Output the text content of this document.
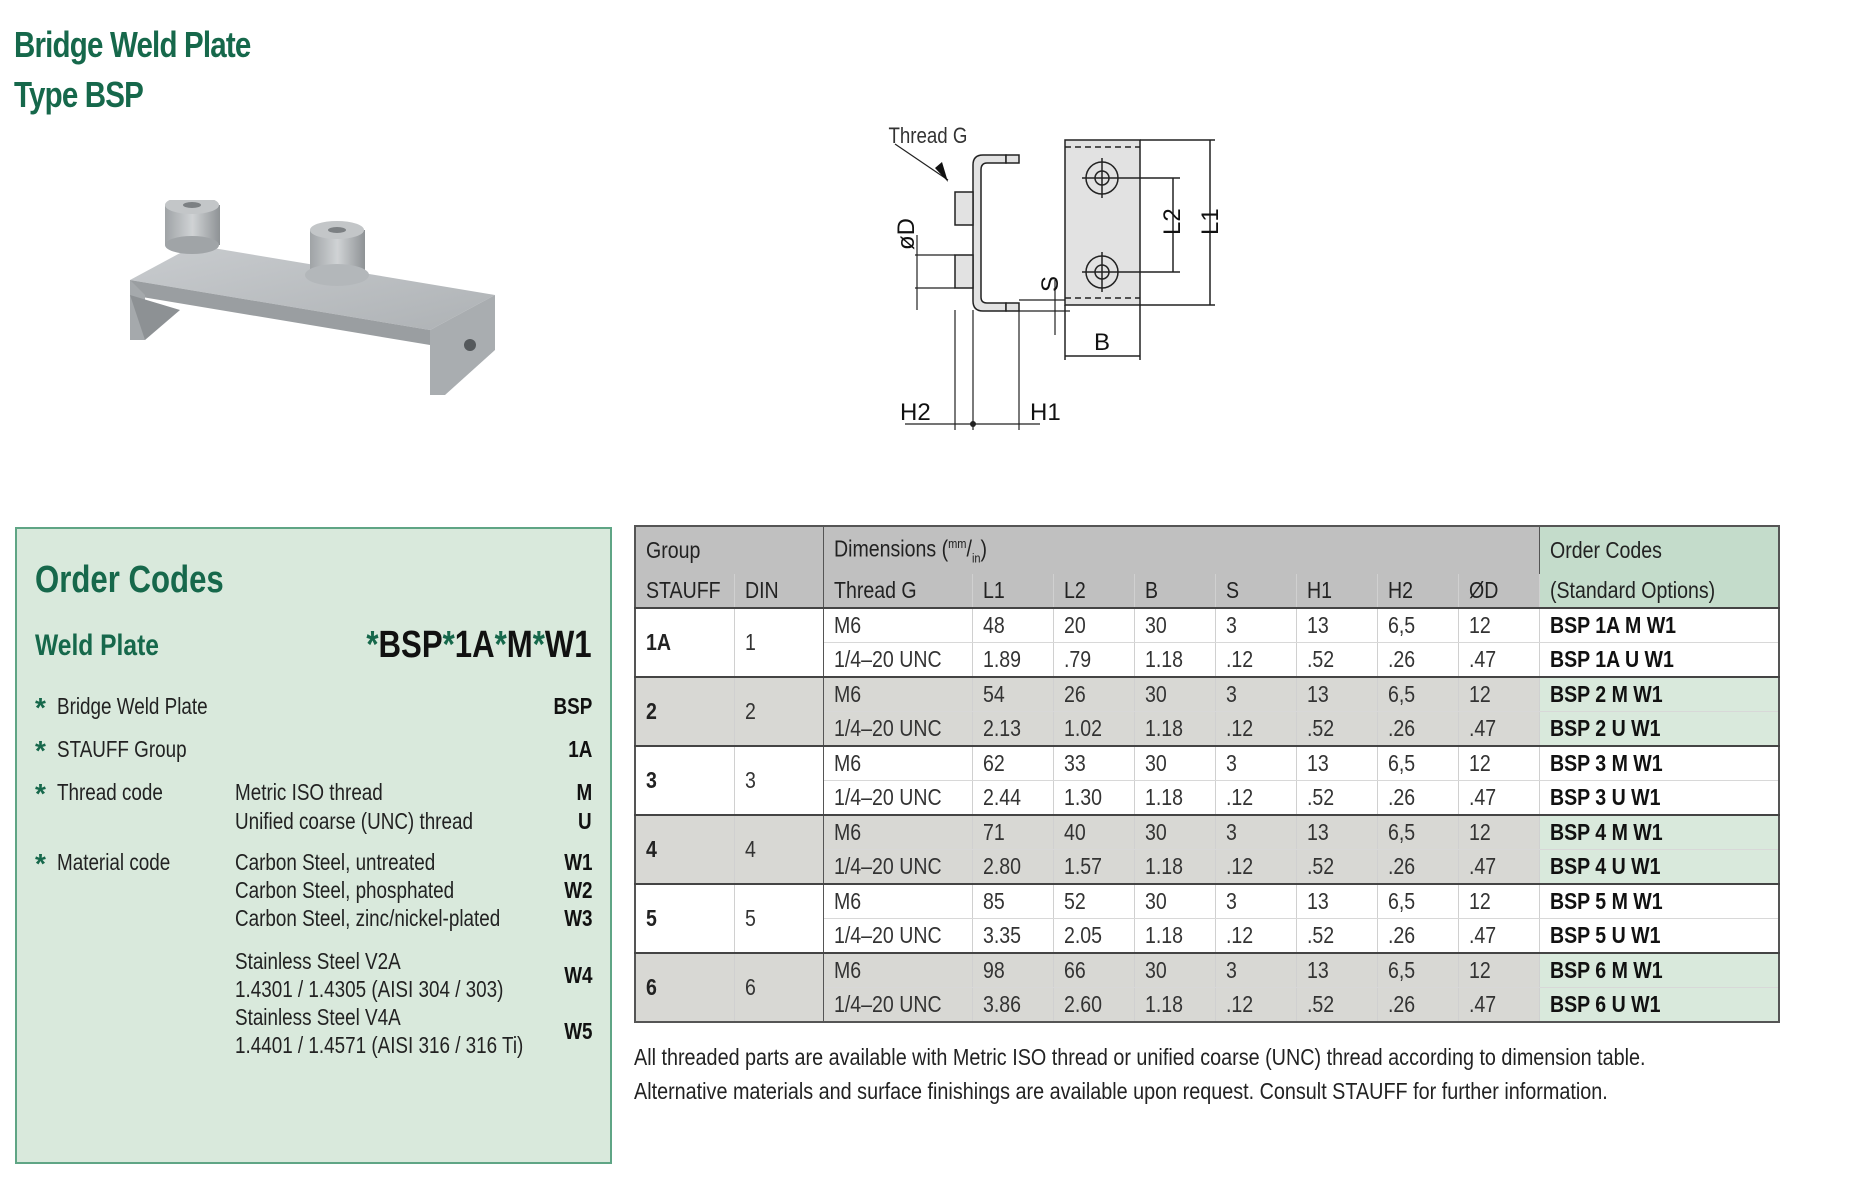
Bridge Weld Plate
Type BSP
Thread G
øD
H2	H1
S
L2 L1
B
Order Codes
Weld Plate	*BSP*1A*M*W1
* Bridge Weld Plate	BSP
* STAUFF Group	1A
* Thread code	Metric ISO thread	M
Unified coarse (UNC) thread	U
* Material code	Carbon Steel, untreated	W1
Carbon Steel, phosphated	W2
Carbon Steel, zinc/nickel-plated	W3
Stainless Steel V2A
1.4301 / 1.4305 (AISI 304 / 303)
W4
Stainless Steel V4A
1.4401 / 1.4571 (AISI 316 / 316 Ti)
W5
Group		Dimensions $(^{mm}/_{in})$								Order Codes
STAUFF	DIN	Thread G	L1	L2	B	S	H1	H2	ØD	(Standard Options)
1A	1	M6	48	20	30	3	13	6,5	12	BSP 1A M W1
		1/4–20 UNC	1.89	.79	1.18	.12	.52	.26	.47	BSP 1A U W1
2	2	M6	54	26	30	3	13	6,5	12	BSP 2 M W1
		1/4–20 UNC	2.13	1.02	1.18	.12	.52	.26	.47	BSP 2 U W1
3	3	M6	62	33	30	3	13	6,5	12	BSP 3 M W1
		1/4–20 UNC	2.44	1.30	1.18	.12	.52	.26	.47	BSP 3 U W1
4	4	M6	71	40	30	3	13	6,5	12	BSP 4 M W1
		1/4–20 UNC	2.80	1.57	1.18	.12	.52	.26	.47	BSP 4 U W1
5	5	M6	85	52	30	3	13	6,5	12	BSP 5 M W1
		1/4–20 UNC	3.35	2.05	1.18	.12	.52	.26	.47	BSP 5 U W1
6	6	M6	98	66	30	3	13	6,5	12	BSP 6 M W1
		1/4–20 UNC	3.86	2.60	1.18	.12	.52	.26	.47	BSP 6 U W1
All threaded parts are available with Metric ISO thread or unified coarse (UNC) thread according to dimension table.
Alternative materials and surface finishings are available upon request. Consult STAUFF for further information.
